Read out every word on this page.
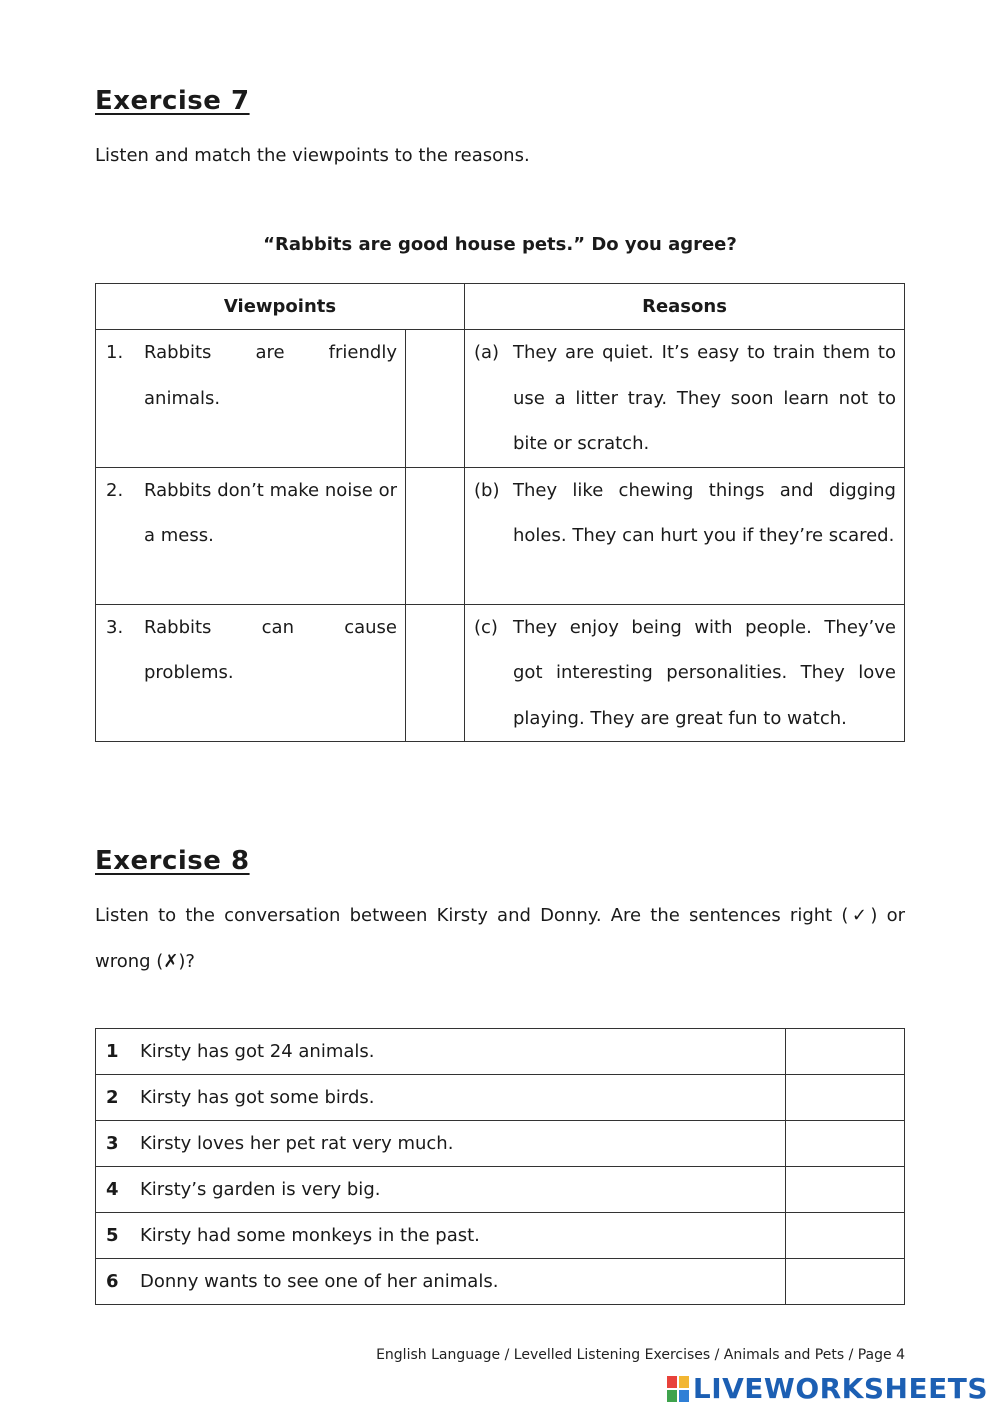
Exercise 7

Listen and match the viewpoints to the reasons.

“Rabbits are good house pets.” Do you agree?

Viewpoints		Reasons

1. Rabbits are friendly animals.		(a) They are quiet. It’s easy to train them to use a litter tray. They soon learn not to bite or scratch.

2. Rabbits don’t make noise or a mess.		(b) They like chewing things and digging holes. They can hurt you if they’re scared.

3. Rabbits can cause problems.		(c) They enjoy being with people. They’ve got interesting personalities. They love playing. They are great fun to watch.
Exercise 8

Listen to the conversation between Kirsty and Donny. Are the sentences right (✓) or wrong (✗)?

1	Kirsty has got 24 animals.	
2	Kirsty has got some birds.	
3	Kirsty loves her pet rat very much.	
4	Kirsty’s garden is very big.	
5	Kirsty had some monkeys in the past.	
6	Donny wants to see one of her animals.	

English Language / Levelled Listening Exercises / Animals and Pets / Page 4

LIVEWORKSHEETS
